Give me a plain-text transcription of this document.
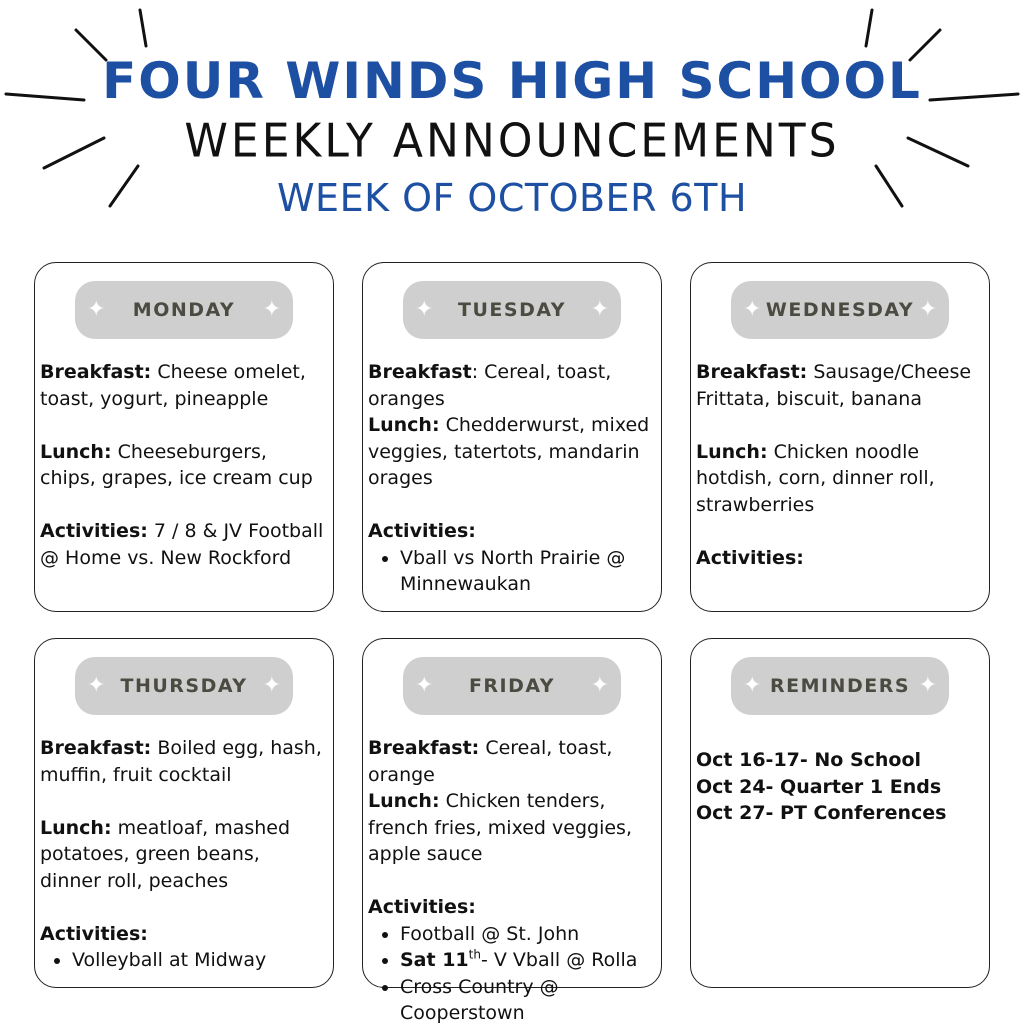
FOUR WINDS HIGH SCHOOL
WEEKLY ANNOUNCEMENTS
WEEK OF OCTOBER 6TH
✦ MONDAY ✦

Breakfast: Cheese omelet, toast, yogurt, pineapple

Lunch: Cheeseburgers, chips, grapes, ice cream cup

Activities: 7 / 8 & JV Football @ Home vs. New Rockford

✦ TUESDAY ✦

Breakfast: Cereal, toast, oranges

Lunch: Chedderwurst, mixed veggies, tatertots, mandarin orages

Activities:

• Vball vs North Prairie @ Minnewaukan
✦ WEDNESDAY ✦

Breakfast: Sausage/Cheese Frittata, biscuit, banana

Lunch: Chicken noodle hotdish, corn, dinner roll, strawberries

Activities:

✦ THURSDAY ✦

Breakfast: Boiled egg, hash, muffin, fruit cocktail

Lunch: meatloaf, mashed potatoes, green beans, dinner roll, peaches

Activities:

• Volleyball at Midway
✦ FRIDAY ✦

Breakfast: Cereal, toast, orange

Lunch: Chicken tenders, french fries, mixed veggies, apple sauce

Activities:

• Football @ St. John
• Sat 11th- V Vball @ Rolla
• Cross Country @ Cooperstown
✦ REMINDERS ✦
Oct 16-17- No School
Oct 24- Quarter 1 Ends
Oct 27- PT Conferences
